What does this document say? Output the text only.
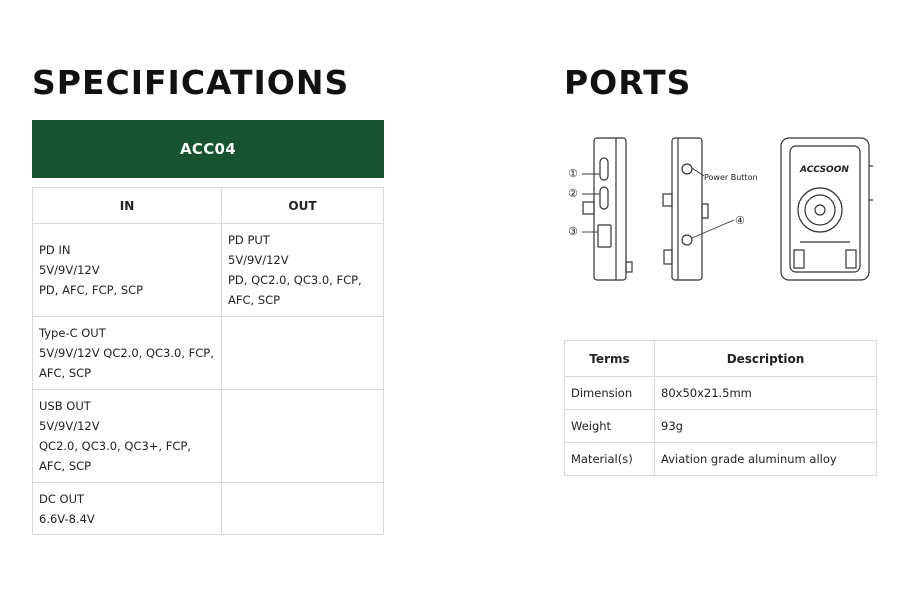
SPECIFICATIONS	PORTS
ACC04
IN	OUT

PD IN
5V/9V/12V
PD, AFC, FCP, SCP	PD PUT
5V/9V/12V
PD, QC2.0, QC3.0, FCP,
AFC, SCP

Type-C OUT
5V/9V/12V QC2.0, QC3.0, FCP,
AFC, SCP	

USB OUT
5V/9V/12V
QC2.0, QC3.0, QC3+, FCP,
AFC, SCP	

DC OUT
6.6V-8.4V	

①
②
③
④
Power Button
ACCSOON
Terms	Description
Dimension	80x50x21.5mm
Weight	93g
Material(s)	Aviation grade aluminum alloy
